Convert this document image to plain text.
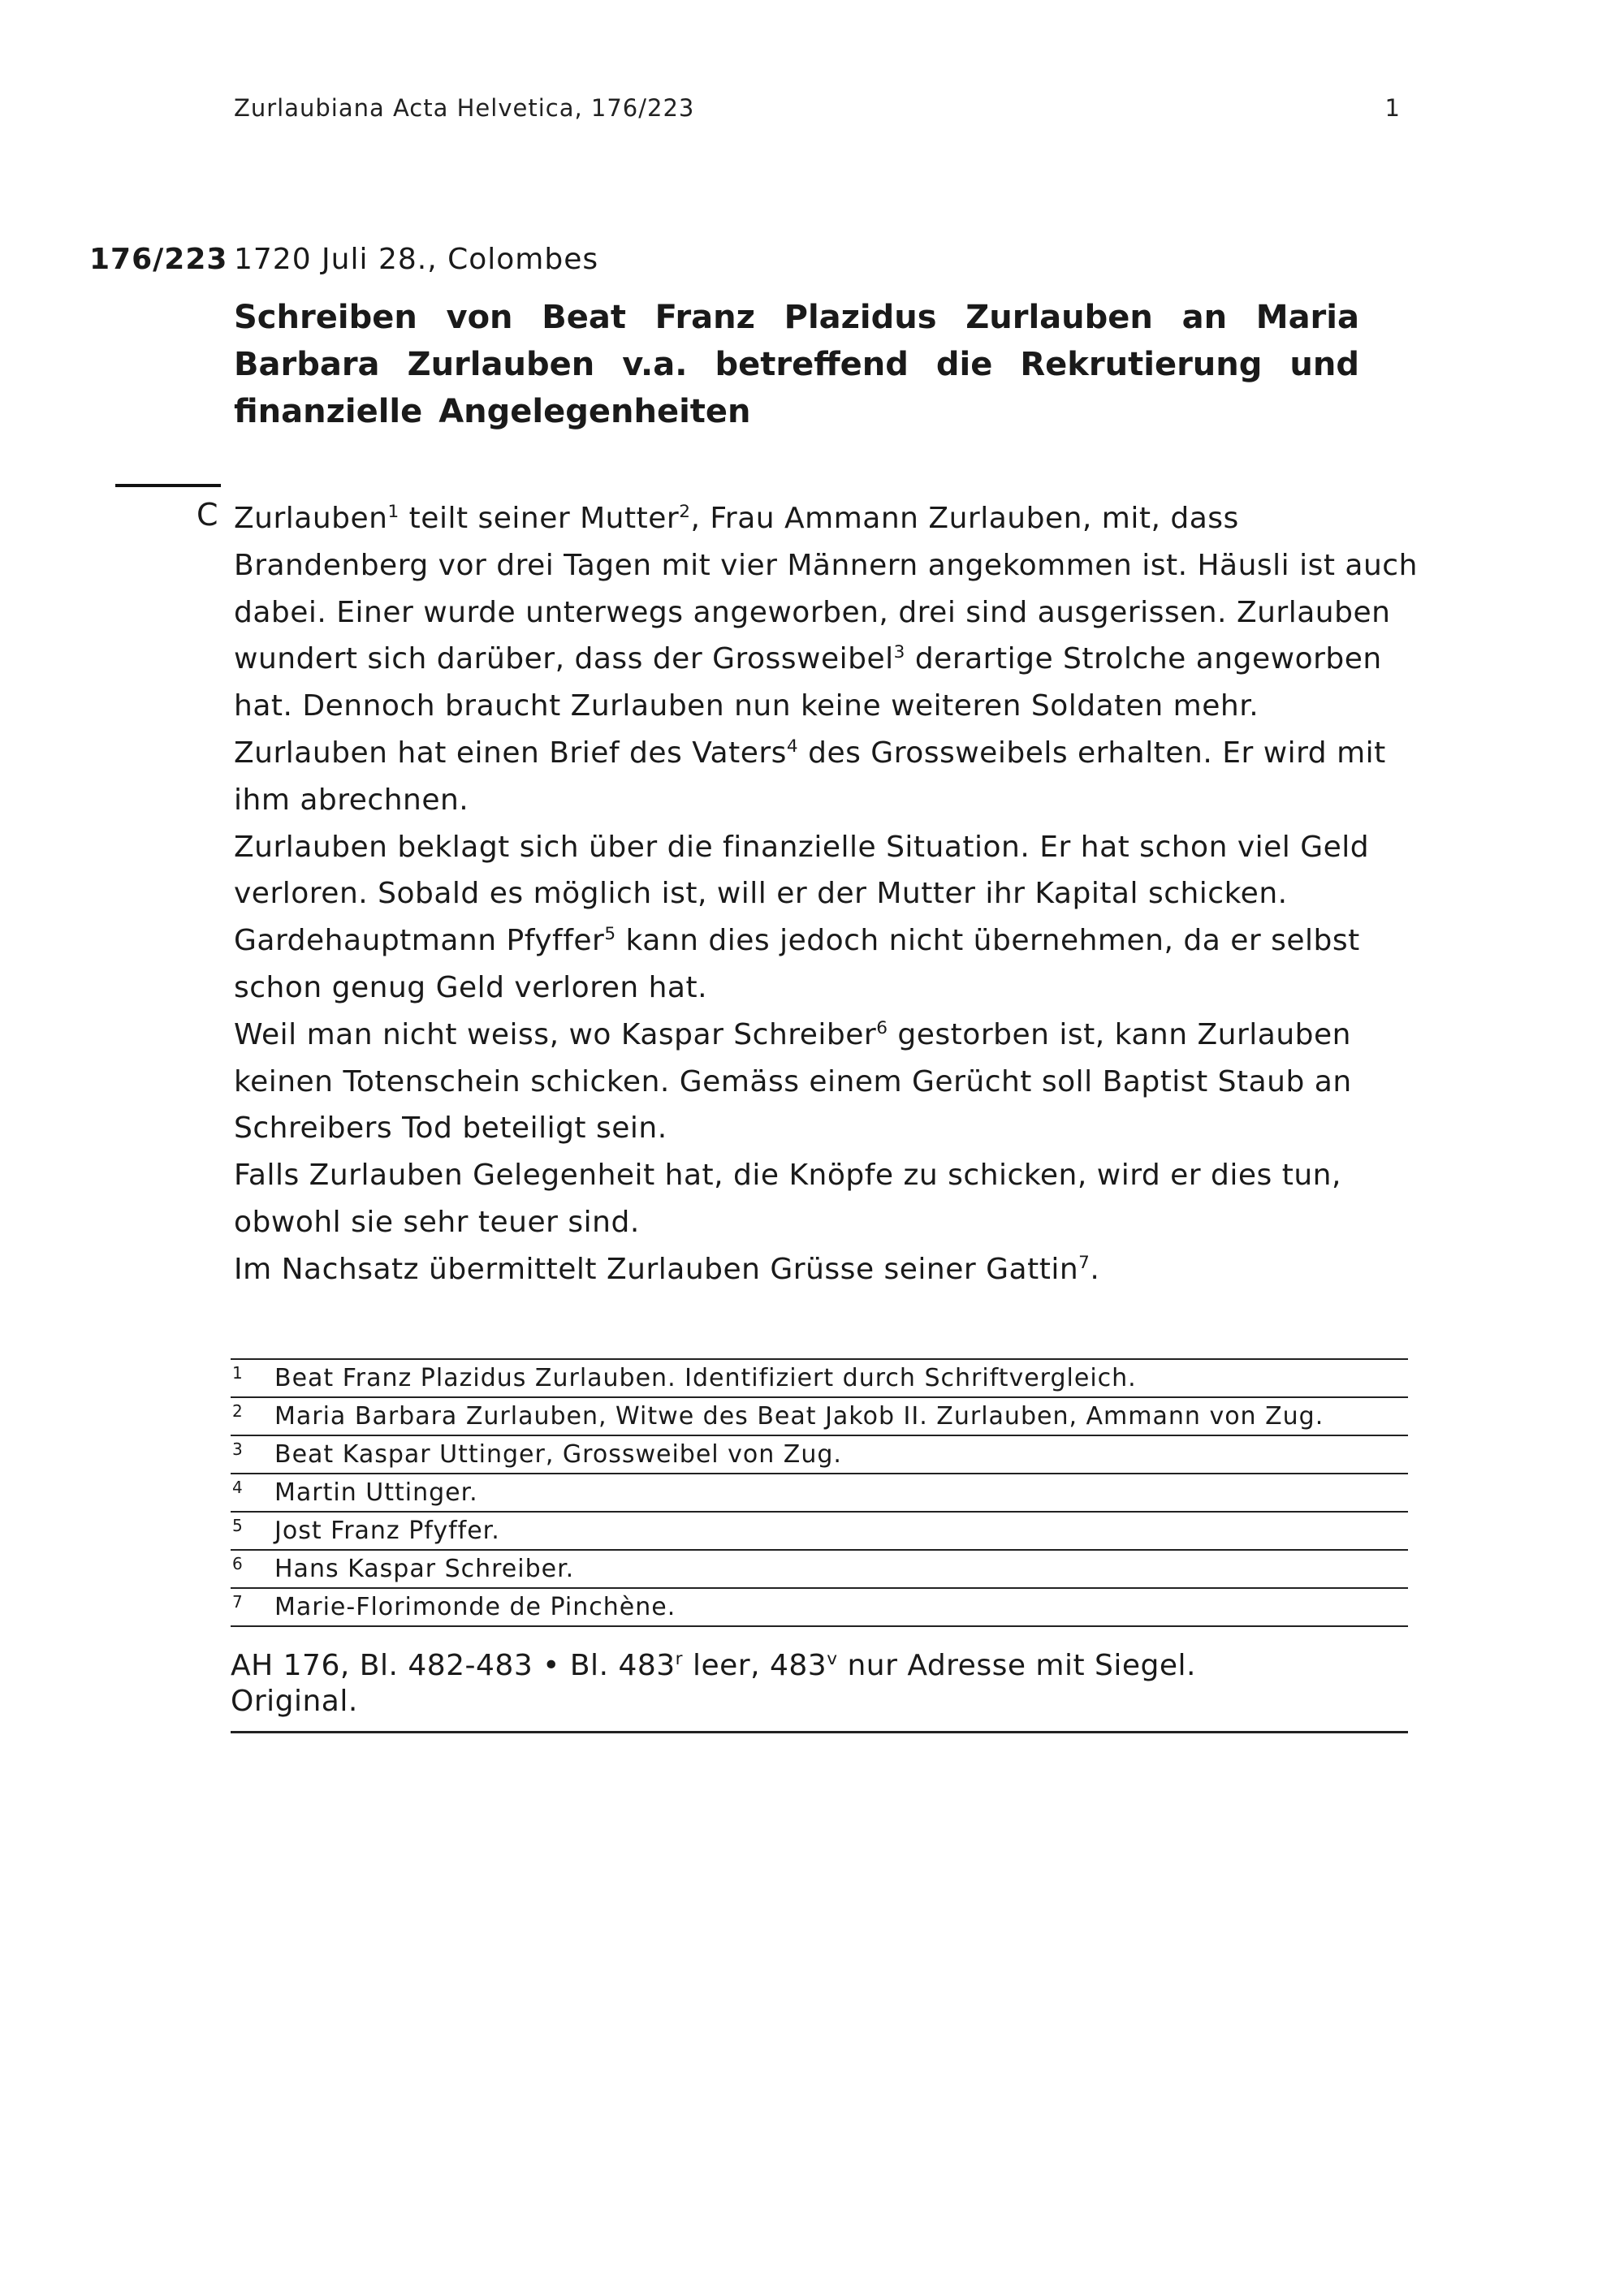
Zurlaubiana Acta Helvetica, 176/223	1
176/223 1720 Juli 28., Colombes
Schreiben von Beat Franz Plazidus Zurlauben an Maria Barbara Zurlauben v.a. betreffend die Rekrutierung und finanzielle Angelegenheiten
C Zurlauben$^1$ teilt seiner Mutter$^2$, Frau Ammann Zurlauben, mit, dass Brandenberg vor drei Tagen mit vier Männern angekommen ist. Häusli ist auch dabei. Einer wurde unterwegs angeworben, drei sind ausgerissen. Zurlauben wundert sich darüber, dass der Grossweibel$^3$ derartige Strolche angeworben hat. Dennoch braucht Zurlauben nun keine weiteren Soldaten mehr.

Zurlauben hat einen Brief des Vaters$^4$ des Grossweibels erhalten. Er wird mit ihm abrechnen.

Zurlauben beklagt sich über die finanzielle Situation. Er hat schon viel Geld verloren. Sobald es möglich ist, will er der Mutter ihr Kapital schicken. Gardehauptmann Pfyffer$^5$ kann dies jedoch nicht übernehmen, da er selbst schon genug Geld verloren hat.

Weil man nicht weiss, wo Kaspar Schreiber$^6$ gestorben ist, kann Zurlauben keinen Totenschein schicken. Gemäss einem Gerücht soll Baptist Staub an Schreibers Tod beteiligt sein.

Falls Zurlauben Gelegenheit hat, die Knöpfe zu schicken, wird er dies tun, obwohl sie sehr teuer sind.

Im Nachsatz übermittelt Zurlauben Grüsse seiner Gattin$^7$.

1	Beat Franz Plazidus Zurlauben. Identifiziert durch Schriftvergleich.
2	Maria Barbara Zurlauben, Witwe des Beat Jakob II. Zurlauben, Ammann von Zug.
3	Beat Kaspar Uttinger, Grossweibel von Zug.
4	Martin Uttinger.
5	Jost Franz Pfyffer.
6	Hans Kaspar Schreiber.
7	Marie-Florimonde de Pinchène.
AH 176, Bl. 482-483 • Bl. 483$^r$ leer, 483$^v$ nur Adresse mit Siegel.
Original.
